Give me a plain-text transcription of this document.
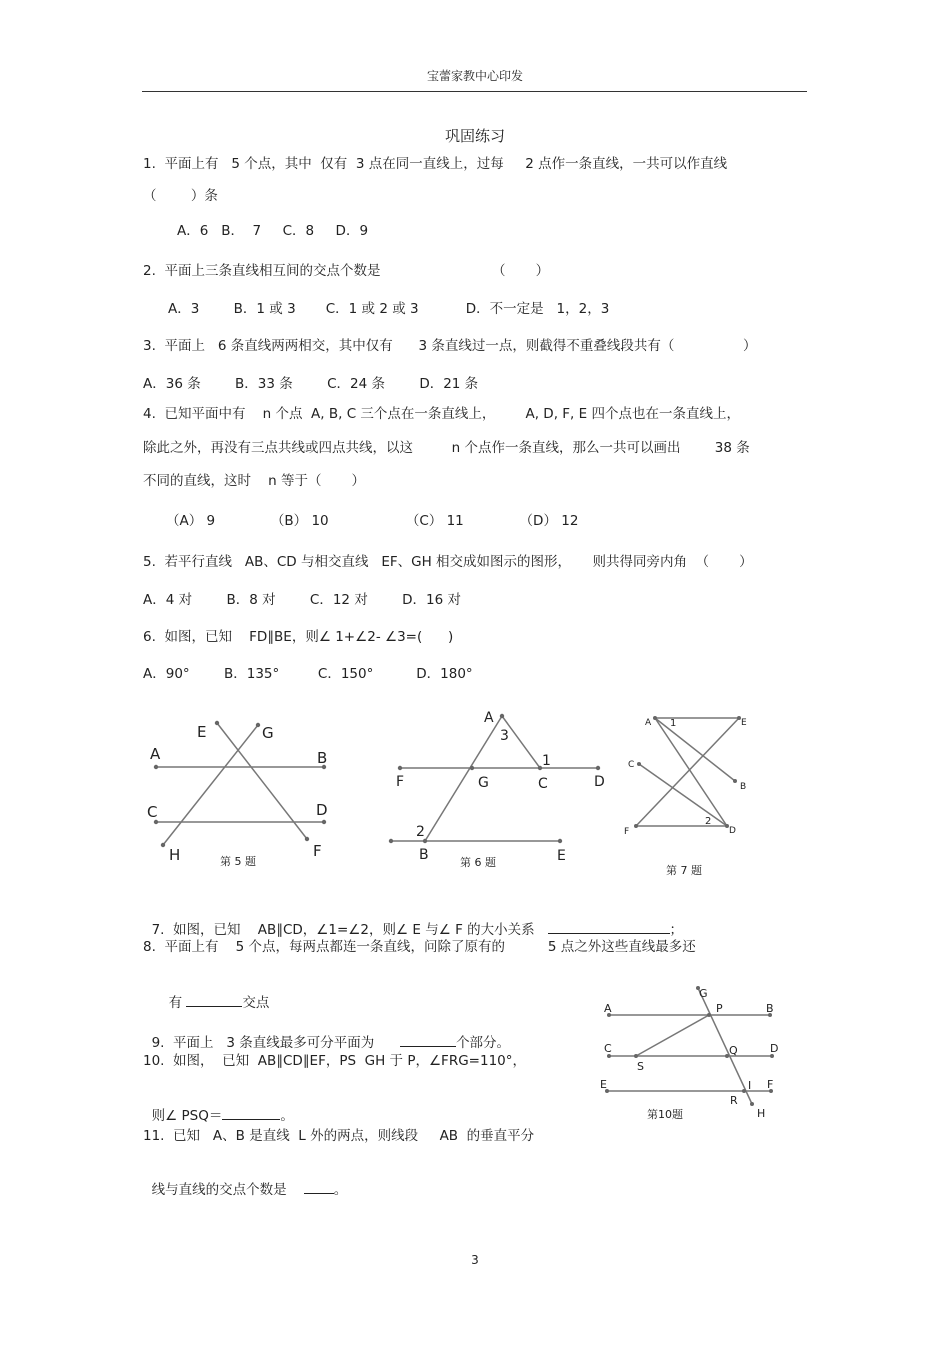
宝蕾家教中心印发
巩固练习
1.  平面上有   5 个点，其中  仅有  3 点在同一直线上，过每     2 点作一条直线，一共可以作直线
（        ）条
A．6   B．  7     C．8     D．9
2.  平面上三条直线相互间的交点个数是                          （       ）
A．3        B．1 或 3       C．1 或 2 或 3           D．不一定是   1，2，3
3.  平面上   6 条直线两两相交，其中仅有      3 条直线过一点，则截得不重叠线段共有（                ）
A．36 条        B．33 条        C．24 条        D．21 条
4.  已知平面中有    n 个点  A, B, C 三个点在一条直线上，       A, D, F, E 四个点也在一条直线上，
除此之外，再没有三点共线或四点共线，以这         n 个点作一条直线，那么一共可以画出        38 条
不同的直线，这时    n 等于（       ）
（A） 9             （B） 10                  （C） 11             （D） 12
5.  若平行直线   AB、CD 与相交直线   EF、GH 相交成如图示的图形，     则共得同旁内角  （       ）
A．4 对        B．8 对        C．12 对        D．16 对
6.  如图，已知    FD∥BE，则∠ 1+∠2- ∠3=(      )
A．90°        B．135°         C．150°          D．180°
A	B
C	D
E
F
G
H	第 5 题
A
B
C	D
E
F	G
1
2
3
第 6 题
A
B
C
D
E
F
1
2
第 7 题

7.  如图，已知    AB∥CD，∠1=∠2，则∠ E 与∠ F 的大小关系	；

8.  平面上有    5 个点，每两点都连一条直线，问除了原有的          5 点之外这些直线最多还

有	交点

9.  平面上   3 条直线最多可分平面为	个部分。

10.  如图，  已知  AB∥CD∥EF，PS  GH 于 P，∠FRG=110°，

则∠ PSQ＝	。

11.  已知   A、B 是直线  L 外的两点，则线段     AB  的垂直平分

线与直线的交点个数是    。

A	B
C	D
E	F
G
H
I
P
Q
R
S
第10题
3
